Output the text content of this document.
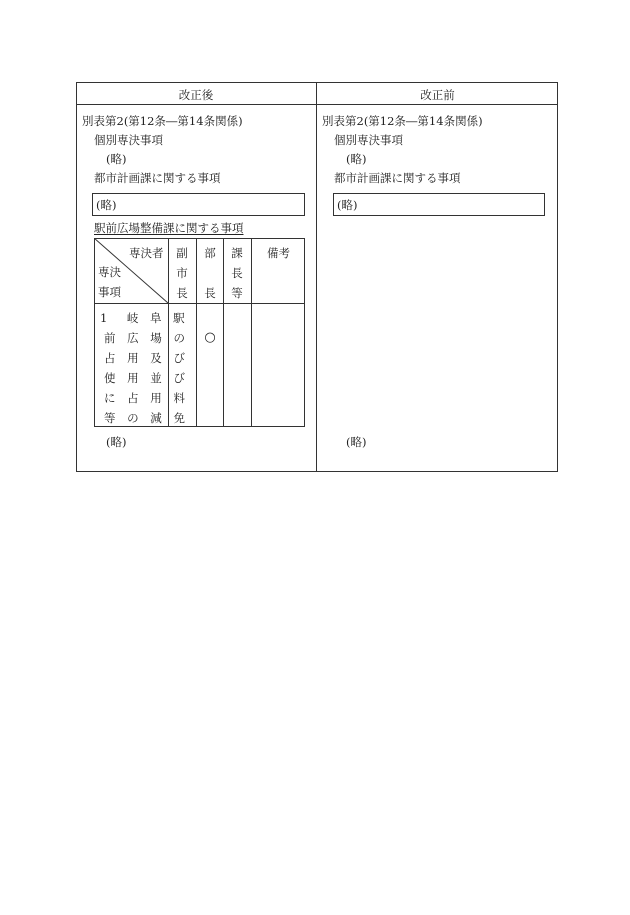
改正後	改正前
別表第2(第12条―第14条関係)
個別専決事項
(略)
都市計画課に関する事項
(略)
駅前広場整備課に関する事項
専決者
専決
事項
副
市
長
部
長
課
長
等
備考
1　岐 阜 駅
前 広 場 の
占 用 及 び
使 用 並 び
に 占 用 料
等 の 減 免
○
(略)
別表第2(第12条―第14条関係)
個別専決事項
(略)
都市計画課に関する事項
(略)
(略)
